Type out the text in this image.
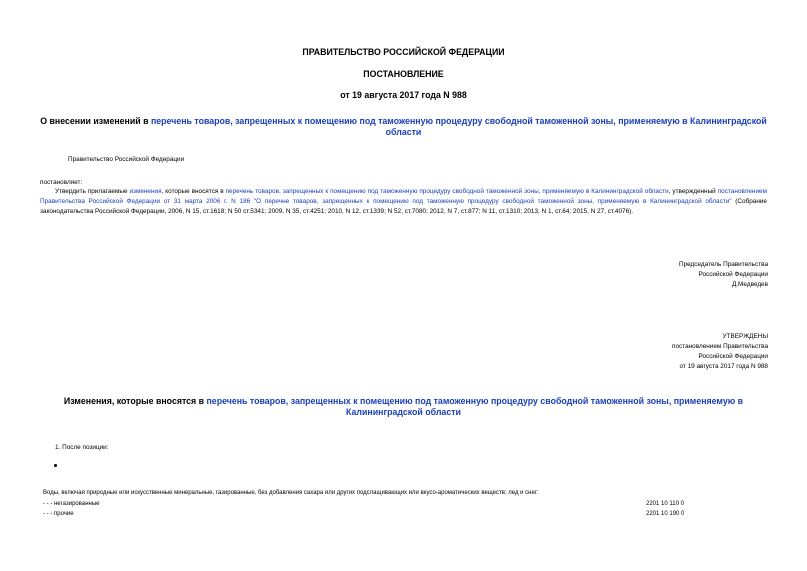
ПРАВИТЕЛЬСТВО РОССИЙСКОЙ ФЕДЕРАЦИИ
ПОСТАНОВЛЕНИЕ
от 19 августа 2017 года N 988
О внесении изменений в перечень товаров, запрещенных к помещению под таможенную процедуру свободной таможенной зоны, применяемую в Калининградской области
Правительство Российской Федерации
постановляет:
Утвердить прилагаемые изменения, которые вносятся в перечень товаров, запрещенных к помещению под таможенную процедуру свободной таможенной зоны, применяемую в Калининградской области, утвержденный постановлением Правительства Российской Федерации от 31 марта 2006 г. N 186 "О перечне товаров, запрещенных к помещению под таможенную процедуру свободной таможенной зоны, применяемую в Калининградской области" (Собрание законодательства Российской Федерации, 2006, N 15, ст.1618; N 50 ст.5341; 2009, N 35, ст.4251; 2010, N 12, ст.1339; N 52, ст.7080; 2012, N 7, ст.877; N 11, ст.1310; 2013, N 1, ст.64; 2015, N 27, ст.4076).
Председатель Правительства
Российской Федерации
Д.Медведев
УТВЕРЖДЕНЫ
постановлением Правительства
Российской Федерации
от 19 августа 2017 года N 988
Изменения, которые вносятся в перечень товаров, запрещенных к помещению под таможенную процедуру свободной таможенной зоны, применяемую в Калининградской области
1. После позиции:
Воды, включая природные или искусственные минеральные, газированные, без добавления сахара или других подслащивающих или вкусо-ароматических веществ; лед и снег:
- - - негазированные	2201 10 110 0
- - - прочие	2201 10 190 0
